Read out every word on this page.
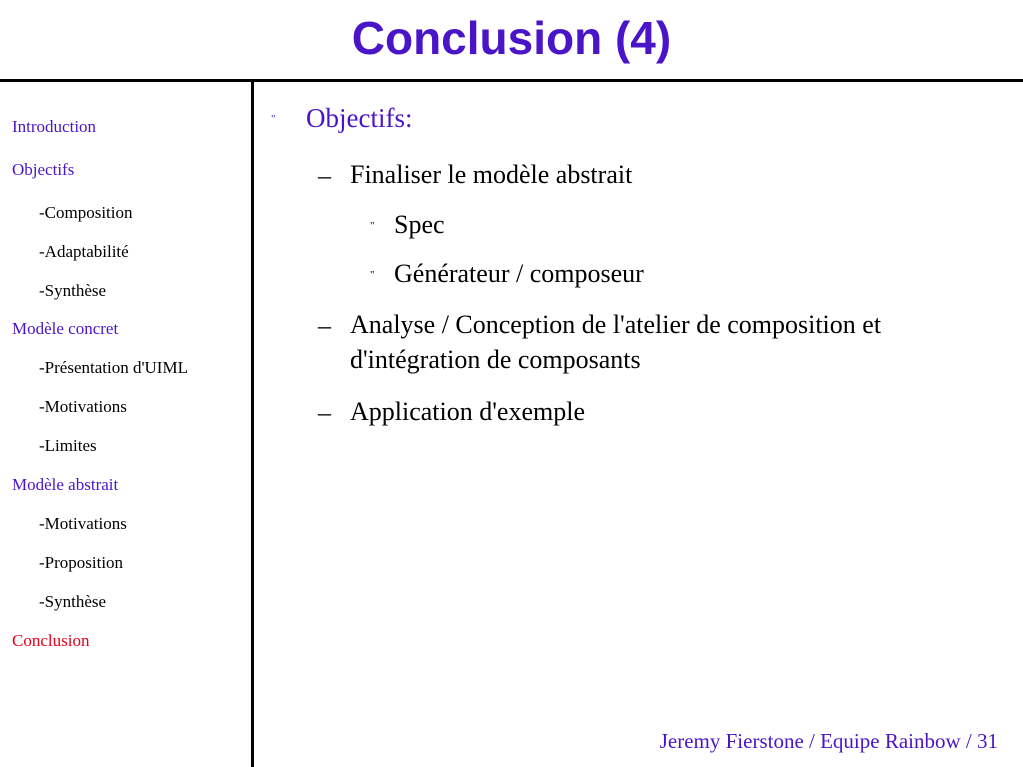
Conclusion (4)
Introduction
Objectifs
-Composition
-Adaptabilité
-Synthèse
Modèle concret
-Présentation d'UIML
-Motivations
-Limites
Modèle abstrait
-Motivations
-Proposition
-Synthèse
Conclusion
" Objectifs:
– Finaliser le modèle abstrait
" Spec
" Générateur / composeur
– Analyse / Conception de l'atelier de composition et d'intégration de composants
– Application d'exemple
Jeremy Fierstone / Equipe Rainbow / 31
